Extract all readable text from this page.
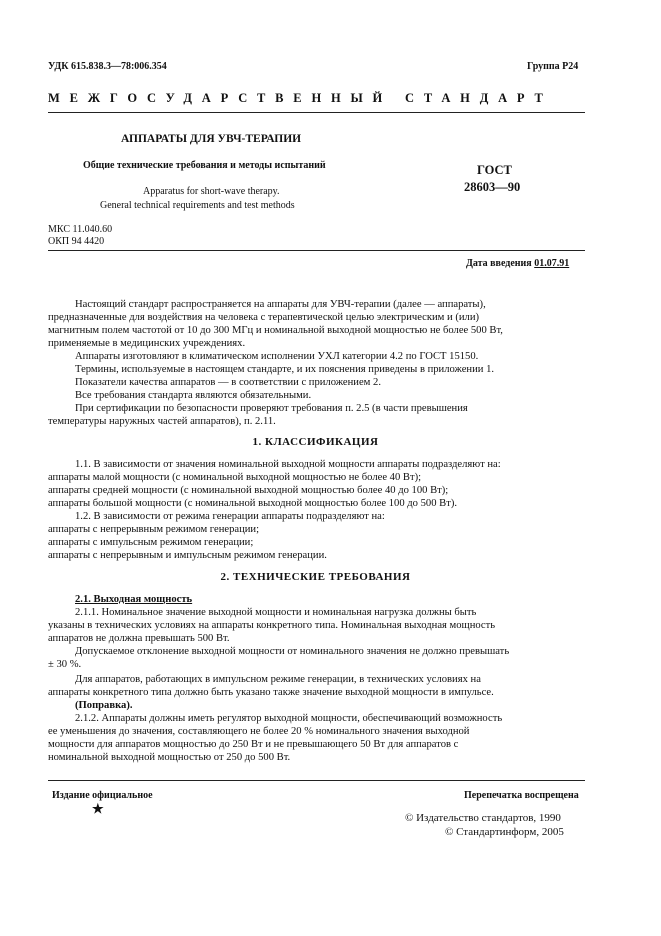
УДК 615.838.3—78:006.354	Группа Р24
МЕЖГОСУДАРСТВЕННЫЙ СТАНДАРТ
АППАРАТЫ ДЛЯ УВЧ-ТЕРАПИИ
Общие технические требования и методы испытаний
Apparatus for short-wave therapy.
General technical requirements and test methods
ГОСТ
28603—90
МКС 11.040.60
ОКП 94 4420
Дата введения 01.07.91
Настоящий стандарт распространяется на аппараты для УВЧ-терапии (далее — аппараты),
предназначенные для воздействия на человека с терапевтической целью электрическим и (или)
магнитным полем частотой от 10 до 300 МГц и номинальной выходной мощностью не более 500 Вт,
применяемые в медицинских учреждениях.
Аппараты изготовляют в климатическом исполнении УХЛ категории 4.2 по ГОСТ 15150.
Термины, используемые в настоящем стандарте, и их пояснения приведены в приложении 1.
Показатели качества аппаратов — в соответствии с приложением 2.
Все требования стандарта являются обязательными.
При сертификации по безопасности проверяют требования п. 2.5 (в части превышения
температуры наружных частей аппаратов), п. 2.11.
1. КЛАССИФИКАЦИЯ
1.1. В зависимости от значения номинальной выходной мощности аппараты подразделяют на:
аппараты малой мощности (с номинальной выходной мощностью не более 40 Вт);
аппараты средней мощности (с номинальной выходной мощностью более 40 до 100 Вт);
аппараты большой мощности (с номинальной выходной мощностью более 100 до 500 Вт).
1.2. В зависимости от режима генерации аппараты подразделяют на:
аппараты с непрерывным режимом генерации;
аппараты с импульсным режимом генерации;
аппараты с непрерывным и импульсным режимом генерации.
2. ТЕХНИЧЕСКИЕ ТРЕБОВАНИЯ
2.1. Выходная мощность
2.1.1. Номинальное значение выходной мощности и номинальная нагрузка должны быть
указаны в технических условиях на аппараты конкретного типа. Номинальная выходная мощность
аппаратов не должна превышать 500 Вт.
Допускаемое отклонение выходной мощности от номинального значения не должно превышать
± 30 %.
Для аппаратов, работающих в импульсном режиме генерации, в технических условиях на
аппараты конкретного типа должно быть указано также значение выходной мощности в импульсе.
(Поправка).
2.1.2. Аппараты должны иметь регулятор выходной мощности, обеспечивающий возможность
ее уменьшения до значения, составляющего не более 20 % номинального значения выходной
мощности для аппаратов мощностью до 250 Вт и не превышающего 50 Вт для аппаратов с
номинальной выходной мощностью от 250 до 500 Вт.
Издание официальное
★
Перепечатка воспрещена
© Издательство стандартов, 1990
© Стандартинформ, 2005
